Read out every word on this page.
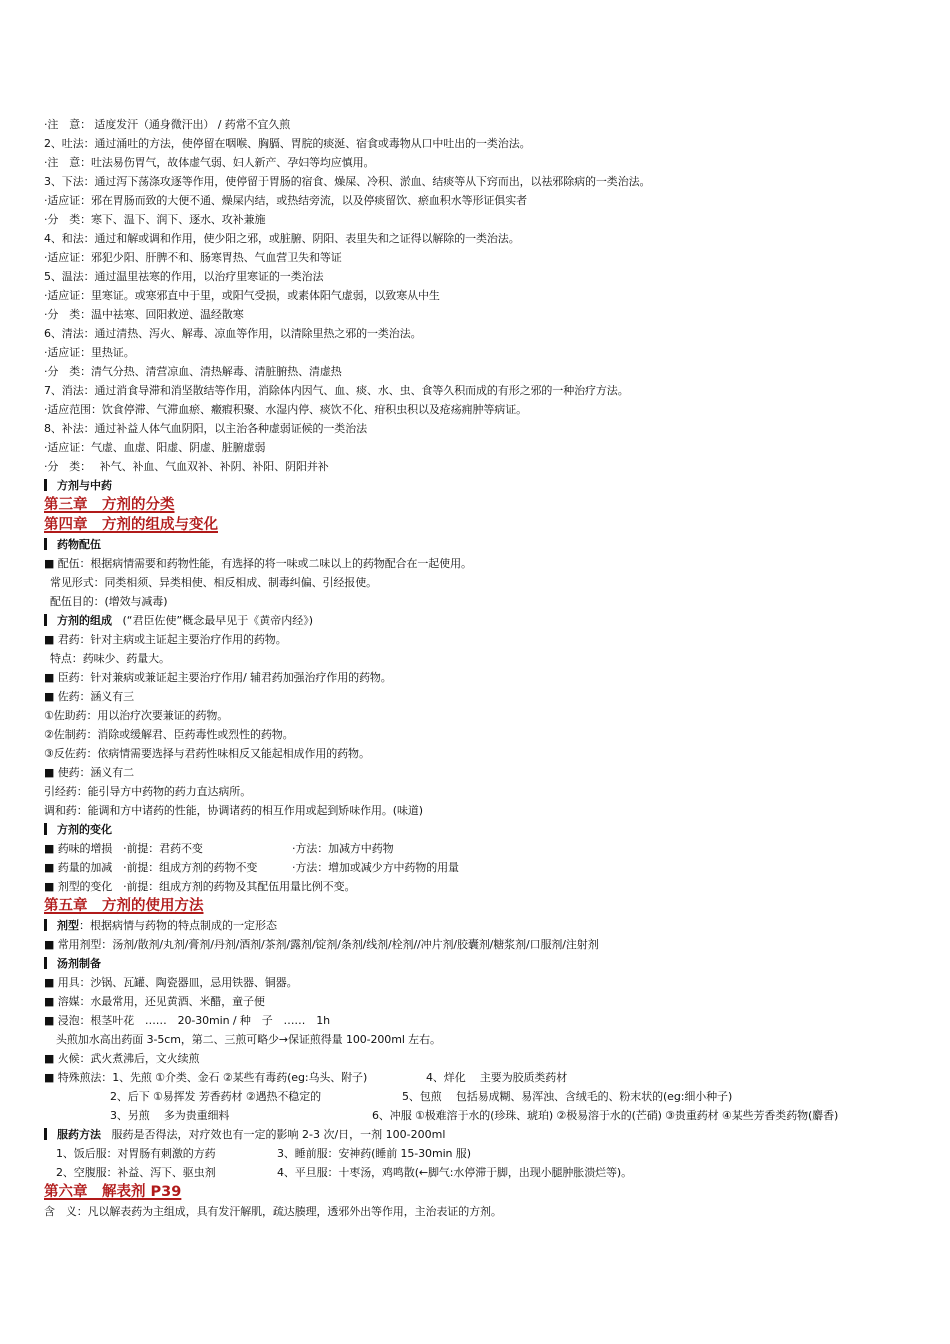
·注　意： 适度发汗（通身微汗出） / 药常不宜久煎
2、吐法：通过涌吐的方法，使停留在咽喉、胸膈、胃脘的痰涎、宿食或毒物从口中吐出的一类治法。
·注　意：吐法易伤胃气，故体虚气弱、妇人新产、孕妇等均应慎用。
3、下法：通过泻下荡涤攻逐等作用，使停留于胃肠的宿食、燥屎、冷积、淤血、结痰等从下窍而出，以祛邪除病的一类治法。
·适应证：邪在胃肠而致的大便不通、燥屎内结，或热结旁流，以及停痰留饮、瘀血积水等形证俱实者
·分　类：寒下、温下、润下、逐水、攻补兼施
4、和法：通过和解或调和作用，使少阳之邪，或脏腑、阴阳、表里失和之证得以解除的一类治法。
·适应证：邪犯少阳、肝脾不和、肠寒胃热、气血营卫失和等证
5、温法：通过温里祛寒的作用，以治疗里寒证的一类治法
·适应证：里寒证。或寒邪直中于里，或阳气受损，或素体阳气虚弱，以致寒从中生
·分　类：温中祛寒、回阳救逆、温经散寒
6、清法：通过清热、泻火、解毒、凉血等作用，以清除里热之邪的一类治法。
·适应证：里热证。
·分　类：清气分热、清营凉血、清热解毒、清脏腑热、清虚热
7、消法：通过消食导滞和消坚散结等作用，消除体内因气、血、痰、水、虫、食等久积而成的有形之邪的一种治疗方法。
·适应范围：饮食停滞、气滞血瘀、癥瘕积聚、水湿内停、痰饮不化、疳积虫积以及疮疡痈肿等病证。
8、补法：通过补益人体气血阴阳，以主治各种虚弱证候的一类治法
·适应证：气虚、血虚、阳虚、阴虚、脏腑虚弱
·分　类：　 补气、补血、气血双补、补阴、补阳、阴阳并补
方剂与中药
第三章　方剂的分类
第四章　方剂的组成与变化
药物配伍
■ 配伍：根据病情需要和药物性能，有选择的将一味或二味以上的药物配合在一起使用。
常见形式：同类相须、异类相使、相反相成、制毒纠偏、引经报使。
配伍目的：(增效与减毒)
方剂的组成 (“君臣佐使”概念最早见于《黄帝内经》)
■ 君药：针对主病或主证起主要治疗作用的药物。
特点：药味少、药量大。
■ 臣药：针对兼病或兼证起主要治疗作用/ 辅君药加强治疗作用的药物。
■ 佐药：涵义有三
①佐助药：用以治疗次要兼证的药物。
②佐制药：消除或缓解君、臣药毒性或烈性的药物。
③反佐药：依病情需要选择与君药性味相反又能起相成作用的药物。
■ 使药：涵义有二
引经药：能引导方中药物的药力直达病所。
调和药：能调和方中诸药的性能，协调诸药的相互作用或起到矫味作用。(味道)
方剂的变化
■ 药味的增损　·前提：君药不变	·方法：加减方中药物
■ 药量的加减　·前提：组成方剂的药物不变	·方法：增加或减少方中药物的用量
■ 剂型的变化　·前提：组成方剂的药物及其配伍用量比例不变。
第五章　方剂的使用方法
剂型：根据病情与药物的特点制成的一定形态
■ 常用剂型：汤剂/散剂/丸剂/膏剂/丹剂/酒剂/茶剂/露剂/锭剂/条剂/线剂/栓剂//冲片剂/胶囊剂/糖浆剂/口服剂/注射剂
汤剂制备
■ 用具：沙锅、瓦罐、陶瓷器皿，忌用铁器、铜器。
■ 溶媒：水最常用，还见黄酒、米醋，童子便
■ 浸泡：根茎叶花　……　20-30min / 种　子　……　1h
头煎加水高出药面 3-5cm，第二、三煎可略少→保证煎得量 100-200ml 左右。
■ 火候：武火煮沸后，文火续煎
■ 特殊煎法：1、先煎 ①介类、金石 ②某些有毒药(eg:乌头、附子)	4、烊化　 主要为胶质类药材
2、后下 ①易挥发 芳香药材 ②遇热不稳定的	5、包煎　 包括易成糊、易浑浊、含绒毛的、粉末状的(eg:细小种子)
3、另煎　 多为贵重细料	6、冲服 ①极难溶于水的(珍珠、琥珀) ②极易溶于水的(芒硝) ③贵重药材 ④某些芳香类药物(麝香)
服药方法 服药是否得法，对疗效也有一定的影响 2-3 次/日，一剂 100-200ml
1、饭后服：对胃肠有刺激的方药	3、睡前服：安神药(睡前 15-30min 服)
2、空腹服：补益、泻下、驱虫剂	4、平旦服：十枣汤，鸡鸣散(←脚气:水停滞于脚，出现小腿肿胀溃烂等)。
第六章　解表剂 P39
含　义：凡以解表药为主组成，具有发汗解肌，疏达腠理，透邪外出等作用，主治表证的方剂。
